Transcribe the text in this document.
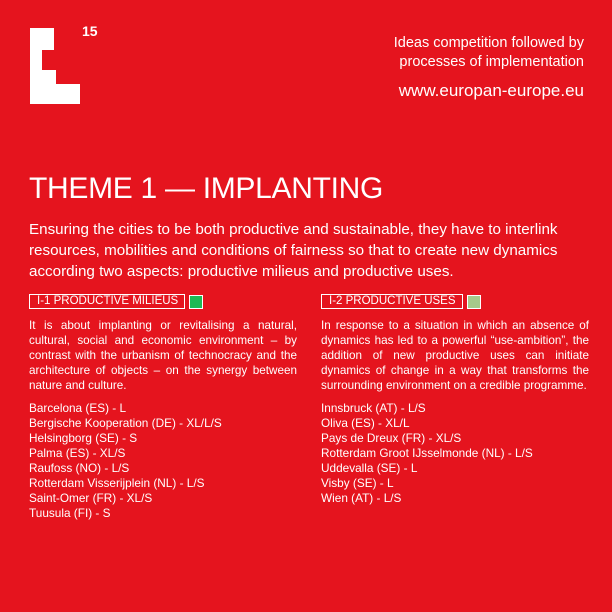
15
Ideas competition followed by
processes of implementation
www.europan-europe.eu
THEME 1 — IMPLANTING
Ensuring the cities to be both productive and sustainable, they have to interlink resources, mobilities and conditions of fairness so that to create new dynamics according two aspects: productive milieus and productive uses.
I-1 PRODUCTIVE MILIEUS

It is about implanting or revitalising a natural, cultural, social and economic environment – by contrast with the urbanism of technocracy and the architecture of objects – on the synergy between nature and culture.

Barcelona (ES) - L
Bergische Kooperation (DE) - XL/L/S
Helsingborg (SE) - S
Palma (ES) - XL/S
Raufoss (NO) - L/S
Rotterdam Visserijplein (NL) - L/S
Saint-Omer (FR) - XL/S
Tuusula (FI) - S
I-2 PRODUCTIVE USES

In response to a situation in which an absence of dynamics has led to a powerful “use-ambition”, the addition of new productive uses can initiate dynamics of change in a way that transforms the surrounding environment on a credible programme.

Innsbruck (AT) - L/S
Oliva (ES) - XL/L
Pays de Dreux (FR) - XL/S
Rotterdam Groot IJsselmonde (NL) - L/S
Uddevalla (SE) - L
Visby (SE) - L
Wien (AT) - L/S
